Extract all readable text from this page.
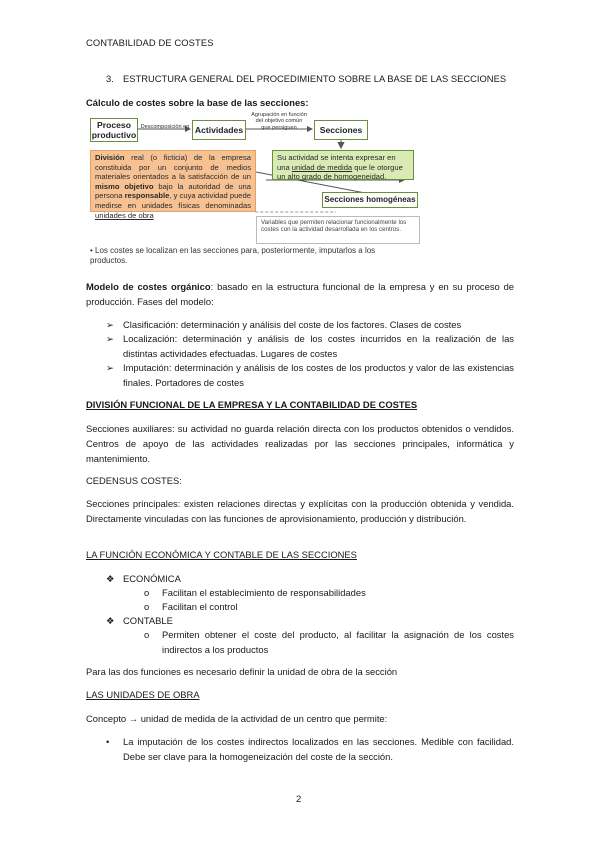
CONTABILIDAD DE COSTES
3. ESTRUCTURA GENERAL DEL PROCEDIMIENTO SOBRE LA BASE DE LAS SECCIONES
Cálculo de costes sobre la base de las secciones:
Proceso
productivo
Descomposición en Actividades
Agrupación en función
del objetivo común
que persiguen	Secciones
División real (o ficticia) de la empresa constituida por un conjunto de medios materiales orientados a la satisfacción de un mismo objetivo bajo la autoridad de una persona responsable, y cuya actividad puede medirse en unidades físicas denominadas unidades de obra
Su actividad se intenta expresar en una unidad de medida que le otorgue un alto grado de homogeneidad.
Secciones homogéneas
Variables que permiten relacionar funcionalmente los costes con la actividad desarrollada en los centros.
• Los costes se localizan en las secciones para, posteriormente, imputarlos a los productos.
Modelo de costes orgánico: basado en la estructura funcional de la empresa y en su proceso de producción. Fases del modelo:
➢ Clasificación: determinación y análisis del coste de los factores. Clases de costes
➢ Localización: determinación y análisis de los costes incurridos en la realización de las distintas actividades efectuadas. Lugares de costes
➢ Imputación: determinación y análisis de los costes de los productos y valor de las existencias finales. Portadores de costes
DIVISIÓN FUNCIONAL DE LA EMPRESA Y LA CONTABILIDAD DE COSTES
Secciones auxiliares: su actividad no guarda relación directa con los productos obtenidos o vendidos. Centros de apoyo de las actividades realizadas por las secciones principales, informática y mantenimiento.
CEDENSUS COSTES:
Secciones principales: existen relaciones directas y explícitas con la producción obtenida y vendida. Directamente vinculadas con las funciones de aprovisionamiento, producción y distribución.
LA FUNCIÓN ECONÓMICA Y CONTABLE DE LAS SECCIONES
❖ ECONÓMICA
o Facilitan el establecimiento de responsabilidades
o Facilitan el control
❖ CONTABLE
o Permiten obtener el coste del producto, al facilitar la asignación de los costes indirectos a los productos
Para las dos funciones es necesario definir la unidad de obra de la sección
LAS UNIDADES DE OBRA
Concepto → unidad de medida de la actividad de un centro que permite:
•	La imputación de los costes indirectos localizados en las secciones. Medible con facilidad. Debe ser clave para la homogeneización del coste de la sección.
2
